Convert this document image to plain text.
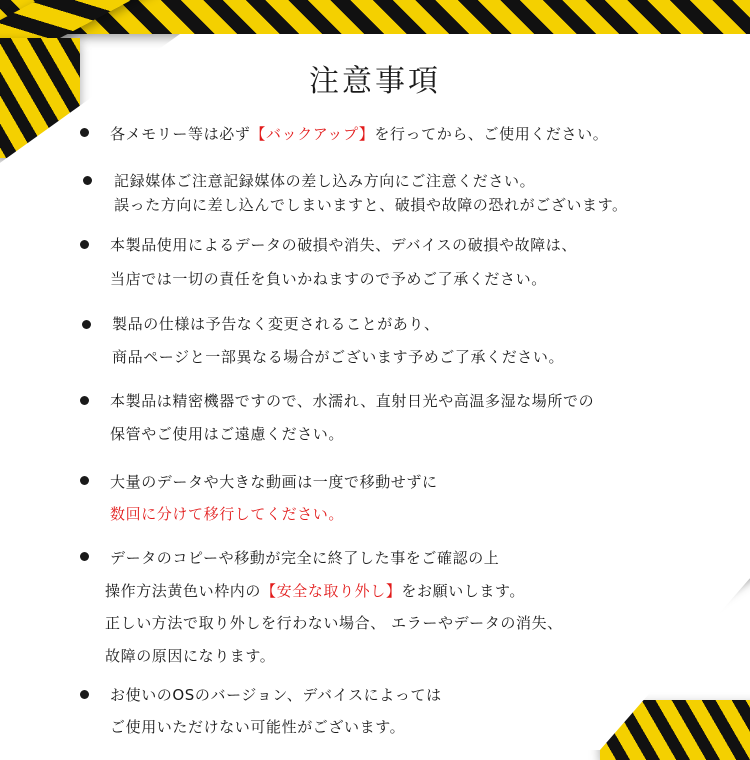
注意事項
各メモリー等は必ず【バックアップ】を行ってから、ご使用ください。
記録媒体ご注意記録媒体の差し込み方向にご注意ください。
誤った方向に差し込んでしまいますと、破損や故障の恐れがございます。
本製品使用によるデータの破損や消失、デバイスの破損や故障は、
当店では一切の責任を負いかねますので予めご了承ください。
製品の仕様は予告なく変更されることがあり、
商品ページと一部異なる場合がございます予めご了承ください。
本製品は精密機器ですので、水濡れ、直射日光や高温多湿な場所での
保管やご使用はご遠慮ください。
大量のデータや大きな動画は一度で移動せずに
数回に分けて移行してください。
データのコピーや移動が完全に終了した事をご確認の上
操作方法黄色い枠内の【安全な取り外し】をお願いします。
正しい方法で取り外しを行わない場合、 エラーやデータの消失、
故障の原因になります。
お使いのOSのバージョン、デバイスによっては
ご使用いただけない可能性がございます。
